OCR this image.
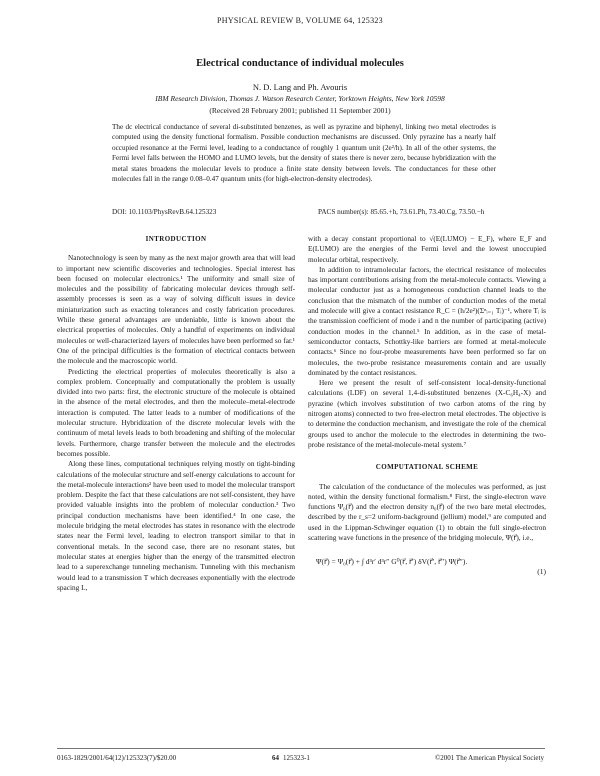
PHYSICAL REVIEW B, VOLUME 64, 125323
Electrical conductance of individual molecules
N. D. Lang and Ph. Avouris
IBM Research Division, Thomas J. Watson Research Center, Yorktown Heights, New York 10598
(Received 28 February 2001; published 11 September 2001)
The dc electrical conductance of several di-substituted benzenes, as well as pyrazine and biphenyl, linking two metal electrodes is computed using the density functional formalism. Possible conduction mechanisms are discussed. Only pyrazine has a nearly half occupied resonance at the Fermi level, leading to a conductance of roughly 1 quantum unit (2e²/h). In all of the other systems, the Fermi level falls between the HOMO and LUMO levels, but the density of states there is never zero, because hybridization with the metal states broadens the molecular levels to produce a finite state density between levels. The conductances for these other molecules fall in the range 0.08–0.47 quantum units (for high-electron-density electrodes).
DOI: 10.1103/PhysRevB.64.125323	PACS number(s): 85.65.+h, 73.61.Ph, 73.40.Cg, 73.50.−h
INTRODUCTION

Nanotechnology is seen by many as the next major growth area that will lead to important new scientific discoveries and technologies. Special interest has been focused on molecular electronics.¹ The uniformity and small size of molecules and the possibility of fabricating molecular devices through self-assembly processes is seen as a way of solving difficult issues in device miniaturization such as exacting tolerances and costly fabrication procedures. While these general advantages are undeniable, little is known about the electrical properties of molecules. Only a handful of experiments on individual molecules or well-characterized layers of molecules have been performed so far.¹ One of the principal difficulties is the formation of electrical contacts between the molecule and the macroscopic world.

Predicting the electrical properties of molecules theoretically is also a complex problem. Conceptually and computationally the problem is usually divided into two parts: first, the electronic structure of the molecule is obtained in the absence of the metal electrodes, and then the molecule–metal-electrode interaction is computed. The latter leads to a number of modifications of the molecular structure. Hybridization of the discrete molecular levels with the continuum of metal levels leads to both broadening and shifting of the molecular levels. Furthermore, charge transfer between the molecule and the electrodes becomes possible.

Along these lines, computational techniques relying mostly on tight-binding calculations of the molecular structure and self-energy calculations to account for the metal-molecule interactions² have been used to model the molecular transport problem. Despite the fact that these calculations are not self-consistent, they have provided valuable insights into the problem of molecular conduction.³ Two principal conduction mechanisms have been identified.⁴ In one case, the molecule bridging the metal electrodes has states in resonance with the electrode states near the Fermi level, leading to electron transport similar to that in conventional metals. In the second case, there are no resonant states, but molecular states at energies higher than the energy of the transmitted electron lead to a superexchange tunneling mechanism. Tunneling with this mechanism would lead to a transmission T which decreases exponentially with the electrode spacing L,

with a decay constant proportional to √(E(LUMO) − E_F), where E_F and E(LUMO) are the energies of the Fermi level and the lowest unoccupied molecular orbital, respectively.

In addition to intramolecular factors, the electrical resistance of molecules has important contributions arising from the metal-molecule contacts. Viewing a molecular conductor just as a homogeneous conduction channel leads to the conclusion that the mismatch of the number of conduction modes of the metal and molecule will give a contact resistance R_C = (h/2e²)(Σⁿᵢ₌₁ Tᵢ)⁻¹, where Tᵢ is the transmission coefficient of mode i and n the number of participating (active) conduction modes in the channel.⁵ In addition, as in the case of metal-semiconductor contacts, Schottky-like barriers are formed at metal-molecule contacts.⁶ Since no four-probe measurements have been performed so far on molecules, the two-probe resistance measurements contain and are usually dominated by the contact resistances.

Here we present the result of self-consistent local-density-functional calculations (LDF) on several 1,4-di-substituted benzenes (X-C₆H₄-X) and pyrazine (which involves substitution of two carbon atoms of the ring by nitrogen atoms) connected to two free-electron metal electrodes. The objective is to determine the conduction mechanism, and investigate the role of the chemical groups used to anchor the molecule to the electrodes in determining the two-probe resistance of the metal-molecule-metal system.⁷

COMPUTATIONAL SCHEME

The calculation of the conductance of the molecules was performed, as just noted, within the density functional formalism.⁸ First, the single-electron wave functions Ψ₀(r⃗) and the electron density n₀(r⃗) of the two bare metal electrodes, described by the r_s=2 uniform-background (jellium) model,⁹ are computed and used in the Lippman-Schwinger equation (1) to obtain the full single-electron scattering wave functions in the presence of the bridging molecule, Ψ(r⃗), i.e.,

Ψ(r⃗) = Ψ₀(r⃗) + ∫ d³r′ d³r″ G⁰(r⃗, r⃗′) δV(r⃗′, r⃗″) Ψ(r⃗″).
(1)
0163-1829/2001/64(12)/125323(7)/$20.00	64 125323-1	©2001 The American Physical Society
